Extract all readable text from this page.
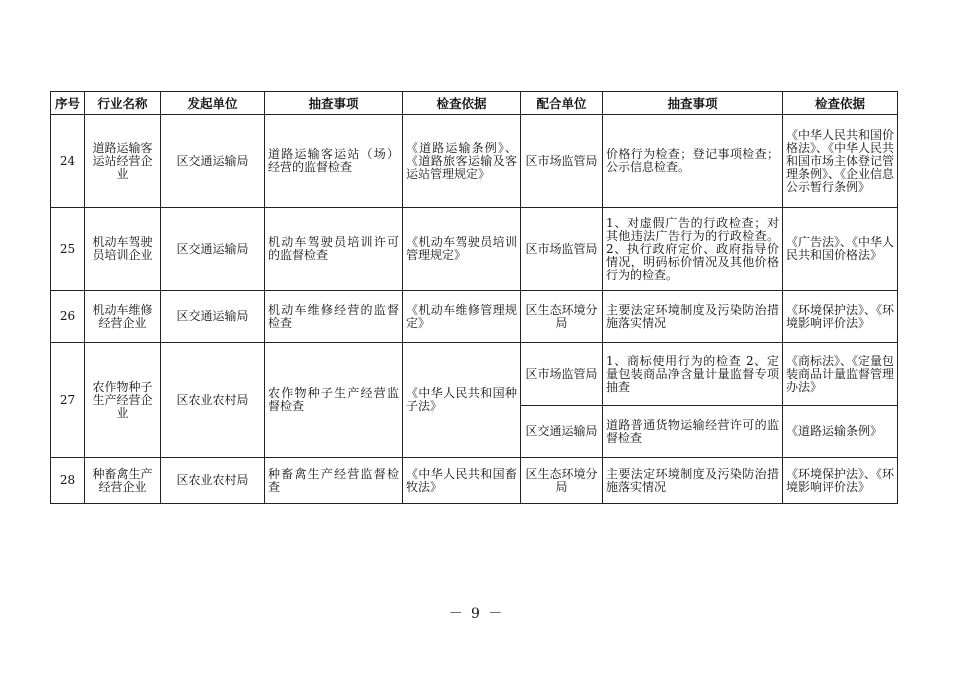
序号	行业名称	发起单位	抽查事项	检查依据	配合单位	抽查事项	检查依据
24	道路运输客运站经营企业	区交通运输局	道路运输客运站（场）经营的监督检查	《道路运输条例》、《道路旅客运输及客运站管理规定》	区市场监管局	价格行为检查；登记事项检查；公示信息检查。	《中华人民共和国价格法》、《中华人民共和国市场主体登记管理条例》、《企业信息公示暂行条例》
25	机动车驾驶员培训企业	区交通运输局	机动车驾驶员培训许可的监督检查	《机动车驾驶员培训管理规定》	区市场监管局	1、对虚假广告的行政检查；对其他违法广告行为的行政检查。2、执行政府定价、政府指导价情况，明码标价情况及其他价格行为的检查。	《广告法》、《中华人民共和国价格法》
26	机动车维修经营企业	区交通运输局	机动车维修经营的监督检查	《机动车维修管理规定》	区生态环境分局	主要法定环境制度及污染防治措施落实情况	《环境保护法》、《环境影响评价法》
27	农作物种子生产经营企业	区农业农村局	农作物种子生产经营监督检查	《中华人民共和国种子法》	区市场监管局	1、商标使用行为的检查 2、定量包装商品净含量计量监督专项抽查	《商标法》、《定量包装商品计量监督管理办法》
					区交通运输局	道路普通货物运输经营许可的监督检查	《道路运输条例》
28	种畜禽生产经营企业	区农业农村局	种畜禽生产经营监督检查	《中华人民共和国畜牧法》	区生态环境分局	主要法定环境制度及污染防治措施落实情况	《环境保护法》、《环境影响评价法》
－ 9 －
